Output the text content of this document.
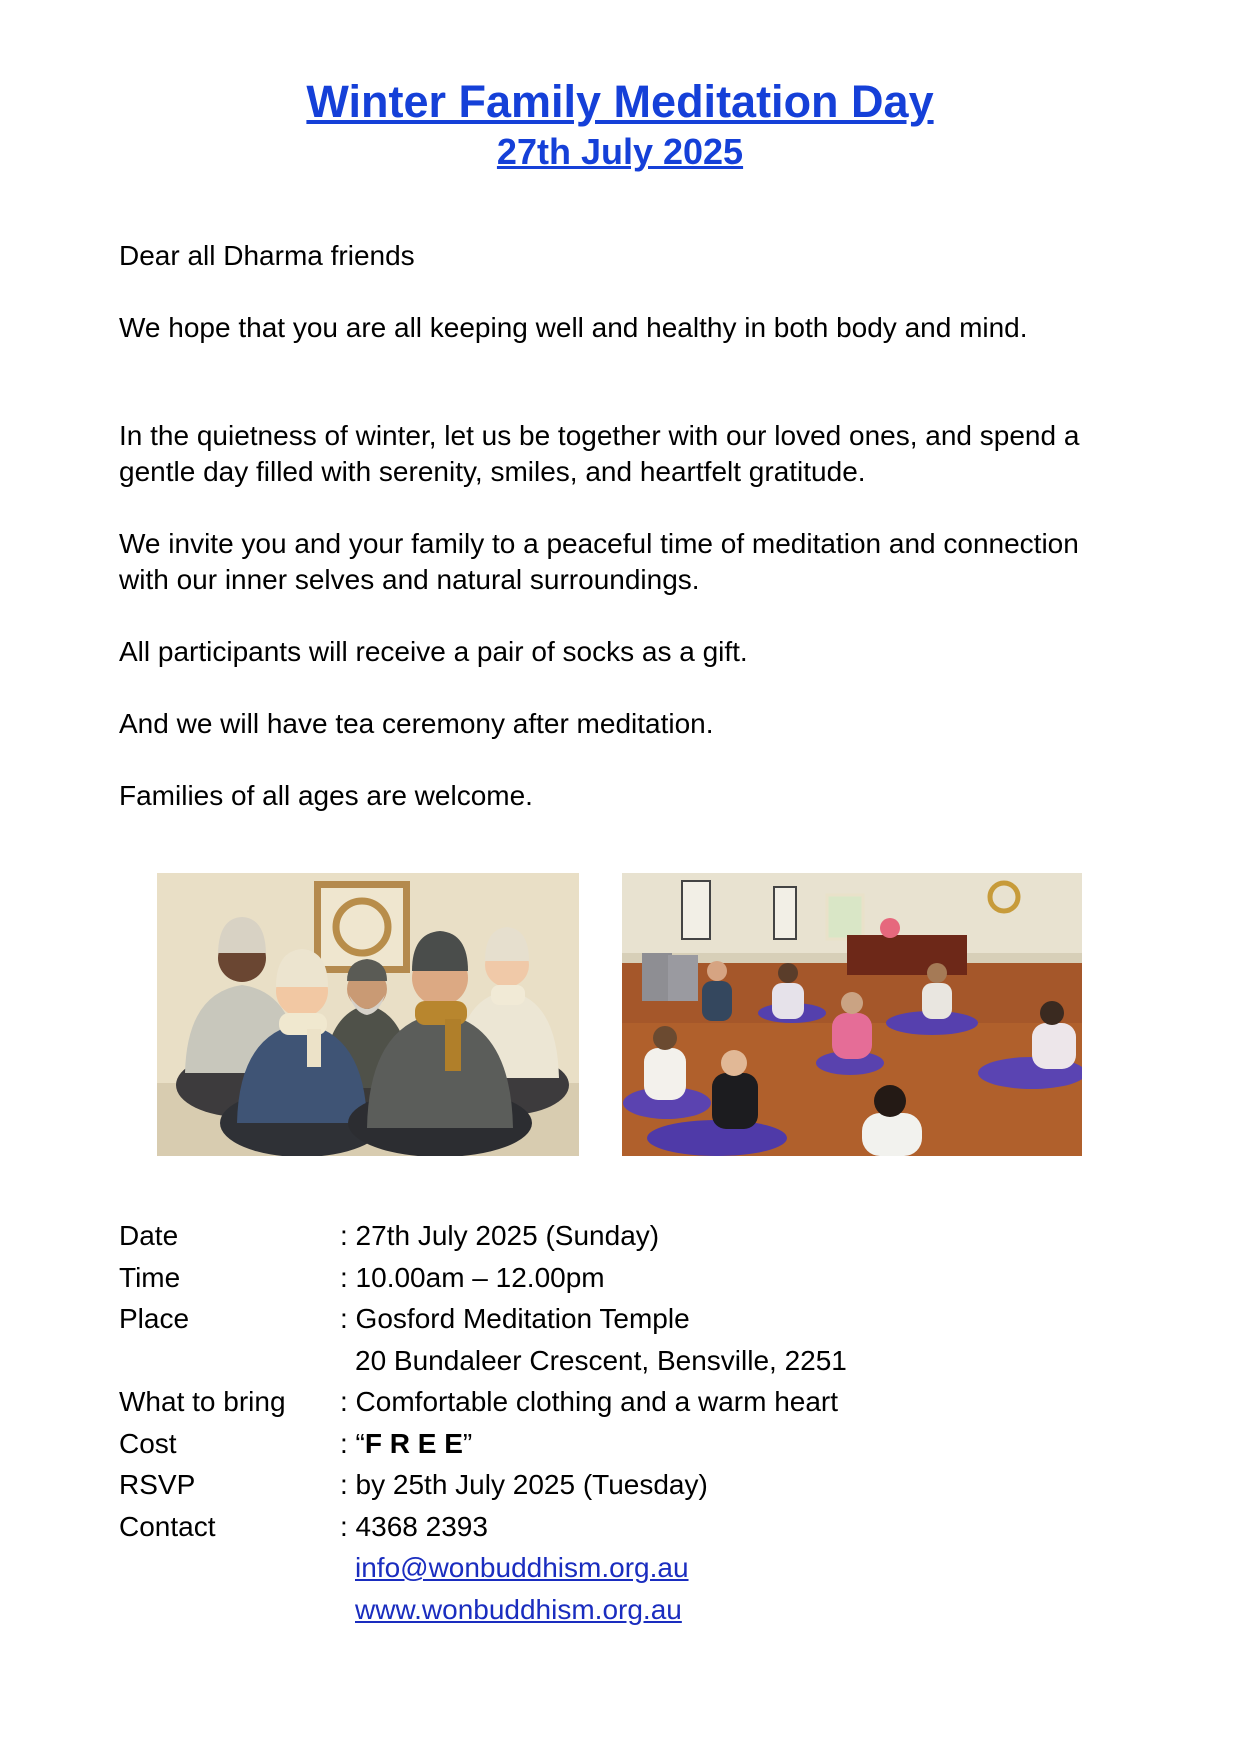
Winter Family Meditation Day
27th July 2025

Dear all Dharma friends

We hope that you are all keeping well and healthy in both body and mind.

In the quietness of winter, let us be together with our loved ones, and spend a gentle day filled with serenity, smiles, and heartfelt gratitude.

We invite you and your family to a peaceful time of meditation and connection with our inner selves and natural surroundings.

All participants will receive a pair of socks as a gift.

And we will have tea ceremony after meditation.

Families of all ages are welcome.

Date	: 27th July 2025 (Sunday)
Time	: 10.00am – 12.00pm
Place	: Gosford Meditation Temple
20 Bundaleer Crescent, Bensville, 2251
What to bring	: Comfortable clothing and a warm heart
Cost	: “F R E E”
RSVP	: by 25th July 2025 (Tuesday)
Contact	: 4368 2393
info@wonbuddhism.org.au
www.wonbuddhism.org.au
